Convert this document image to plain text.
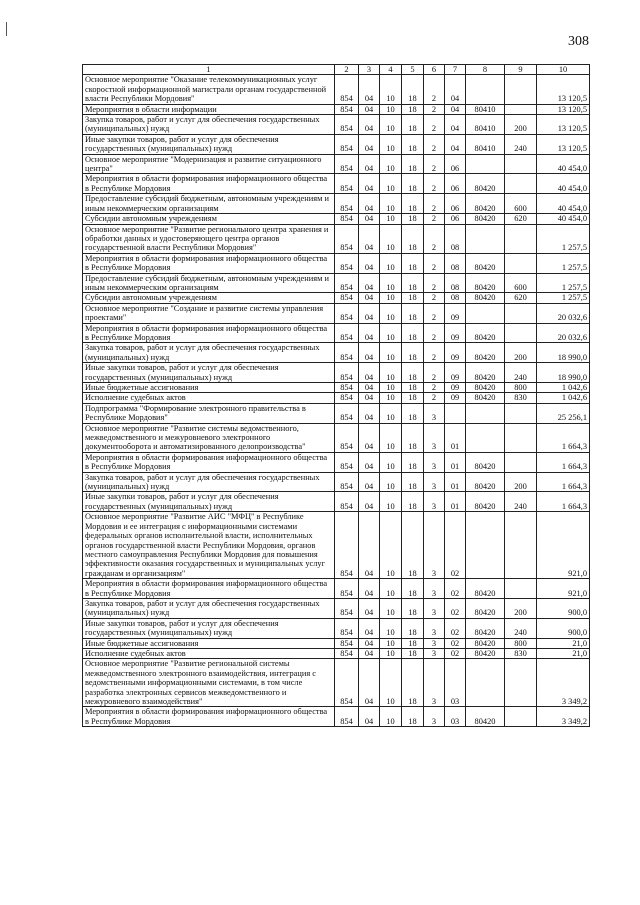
308
1	2	3	4	5	6	7	8	9	10
Основное мероприятие "Оказание телекоммуникационных услуг скоростной информационной магистрали органам государственной власти Республики Мордовия"	854	04	10	18	2	04			13 120,5
Мероприятия в области информации	854	04	10	18	2	04	80410		13 120,5
Закупка товаров, работ и услуг для обеспечения государственных (муниципальных) нужд	854	04	10	18	2	04	80410	200	13 120,5
Иные закупки товаров, работ и услуг для обеспечения государственных (муниципальных) нужд	854	04	10	18	2	04	80410	240	13 120,5
Основное мероприятие "Модернизация и развитие ситуационного центра"	854	04	10	18	2	06			40 454,0
Мероприятия в области формирования информационного общества в Республике Мордовия	854	04	10	18	2	06	80420		40 454,0
Предоставление субсидий бюджетным, автономным учреждениям и иным некоммерческим организациям	854	04	10	18	2	06	80420	600	40 454,0
Субсидии автономным учреждениям	854	04	10	18	2	06	80420	620	40 454,0
Основное мероприятие "Развитие регионального центра хранения и обработки данных и удостоверяющего центра органов государственной власти Республики Мордовия"	854	04	10	18	2	08			1 257,5
Мероприятия в области формирования информационного общества в Республике Мордовия	854	04	10	18	2	08	80420		1 257,5
Предоставление субсидий бюджетным, автономным учреждениям и иным некоммерческим организациям	854	04	10	18	2	08	80420	600	1 257,5
Субсидии автономным учреждениям	854	04	10	18	2	08	80420	620	1 257,5
Основное мероприятие "Создание и развитие системы управления проектами"	854	04	10	18	2	09			20 032,6
Мероприятия в области формирования информационного общества в Республике Мордовия	854	04	10	18	2	09	80420		20 032,6
Закупка товаров, работ и услуг для обеспечения государственных (муниципальных) нужд	854	04	10	18	2	09	80420	200	18 990,0
Иные закупки товаров, работ и услуг для обеспечения государственных (муниципальных) нужд	854	04	10	18	2	09	80420	240	18 990,0
Иные бюджетные ассигнования	854	04	10	18	2	09	80420	800	1 042,6
Исполнение судебных актов	854	04	10	18	2	09	80420	830	1 042,6
Подпрограмма "Формирование электронного правительства в Республике Мордовия"	854	04	10	18	3				25 256,1
Основное мероприятие "Развитие системы ведомственного, межведомственного и межуровневого электронного документооборота и автоматизированного делопроизводства"	854	04	10	18	3	01			1 664,3
Мероприятия в области формирования информационного общества в Республике Мордовия	854	04	10	18	3	01	80420		1 664,3
Закупка товаров, работ и услуг для обеспечения государственных (муниципальных) нужд	854	04	10	18	3	01	80420	200	1 664,3
Иные закупки товаров, работ и услуг для обеспечения государственных (муниципальных) нужд	854	04	10	18	3	01	80420	240	1 664,3
Основное мероприятие "Развитие АИС "МФЦ" в Республике Мордовия и ее интеграция с информационными системами федеральных органов исполнительной власти, исполнительных органов государственной власти Республики Мордовия, органов местного самоуправления Республики Мордовия для повышения эффективности оказания государственных и муниципальных услуг гражданам и организациям"	854	04	10	18	3	02			921,0
Мероприятия в области формирования информационного общества в Республике Мордовия	854	04	10	18	3	02	80420		921,0
Закупка товаров, работ и услуг для обеспечения государственных (муниципальных) нужд	854	04	10	18	3	02	80420	200	900,0
Иные закупки товаров, работ и услуг для обеспечения государственных (муниципальных) нужд	854	04	10	18	3	02	80420	240	900,0
Иные бюджетные ассигнования	854	04	10	18	3	02	80420	800	21,0
Исполнение судебных актов	854	04	10	18	3	02	80420	830	21,0
Основное мероприятие "Развитие региональной системы межведомственного электронного взаимодействия, интеграция с ведомственными информационными системами, в том числе разработка электронных сервисов межведомственного и межуровневого взаимодействия"	854	04	10	18	3	03			3 349,2
Мероприятия в области формирования информационного общества в Республике Мордовия	854	04	10	18	3	03	80420		3 349,2
